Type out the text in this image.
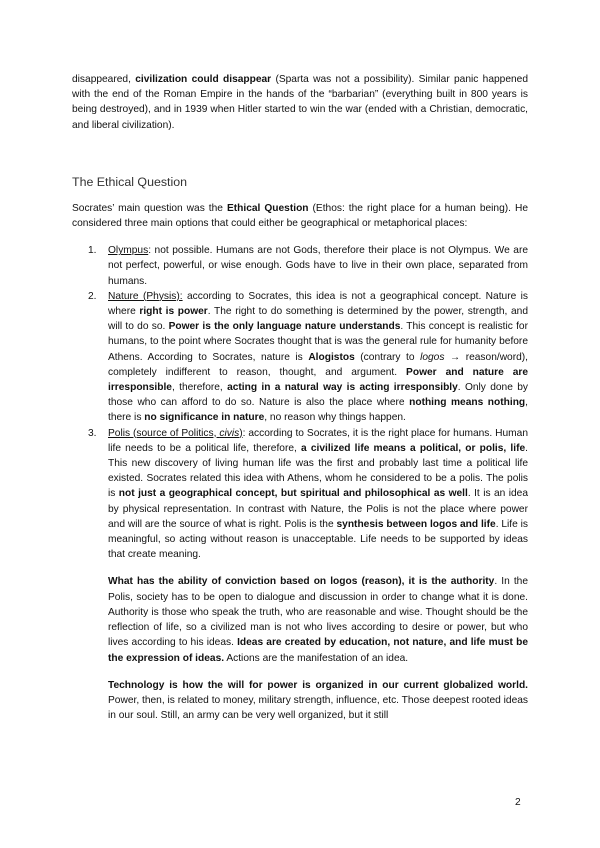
disappeared, civilization could disappear (Sparta was not a possibility). Similar panic happened with the end of the Roman Empire in the hands of the “barbarian” (everything built in 800 years is being destroyed), and in 1939 when Hitler started to win the war (ended with a Christian, democratic, and liberal civilization).

The Ethical Question

Socrates’ main question was the Ethical Question (Ethos: the right place for a human being). He considered three main options that could either be geographical or metaphorical places:

1. Olympus: not possible. Humans are not Gods, therefore their place is not Olympus. We are not perfect, powerful, or wise enough. Gods have to live in their own place, separated from humans.

2. Nature (Physis): according to Socrates, this idea is not a geographical concept. Nature is where right is power. The right to do something is determined by the power, strength, and will to do so. Power is the only language nature understands. This concept is realistic for humans, to the point where Socrates thought that is was the general rule for humanity before Athens. According to Socrates, nature is Alogistos (contrary to logos → reason/word), completely indifferent to reason, thought, and argument. Power and nature are irresponsible, therefore, acting in a natural way is acting irresponsibly. Only done by those who can afford to do so. Nature is also the place where nothing means nothing, there is no significance in nature, no reason why things happen.

3. Polis (source of Politics, civis): according to Socrates, it is the right place for humans. Human life needs to be a political life, therefore, a civilized life means a political, or polis, life. This new discovery of living human life was the first and probably last time a political life existed. Socrates related this idea with Athens, whom he considered to be a polis. The polis is not just a geographical concept, but spiritual and philosophical as well. It is an idea by physical representation. In contrast with Nature, the Polis is not the place where power and will are the source of what is right. Polis is the synthesis between logos and life. Life is meaningful, so acting without reason is unacceptable. Life needs to be supported by ideas that create meaning.

What has the ability of conviction based on logos (reason), it is the authority. In the Polis, society has to be open to dialogue and discussion in order to change what it is done. Authority is those who speak the truth, who are reasonable and wise. Thought should be the reflection of life, so a civilized man is not who lives according to desire or power, but who lives according to his ideas. Ideas are created by education, not nature, and life must be the expression of ideas. Actions are the manifestation of an idea.

Technology is how the will for power is organized in our current globalized world. Power, then, is related to money, military strength, influence, etc. Those deepest rooted ideas in our soul. Still, an army can be very well organized, but it still

2
